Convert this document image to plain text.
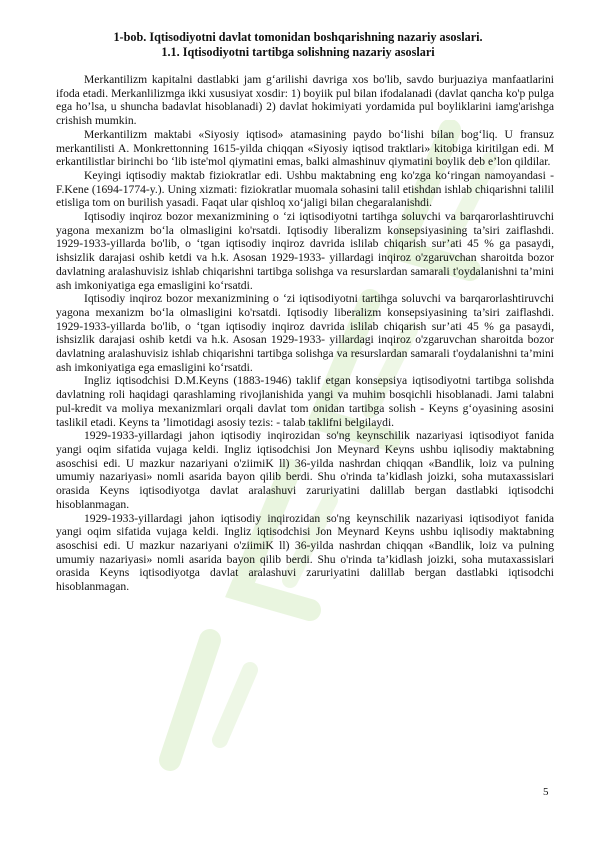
1-bob. Iqtisodiyotni davlat tomonidan boshqarishning nazariy asoslari.
1.1. Iqtisodiyotni tartibga solishning nazariy asoslari

Merkantilizm kapitalni dastlabki jam g‘arilishi davriga xos bo'lib, savdo burjuaziya manfaatlarini ifoda etadi. Merkanlilizmga ikki xususiyat xosdir: 1) boyiik pul bilan ifodalanadi (davlat qancha ko'p pulga ega ho’lsa, u shuncha badavlat hisoblanadi) 2) davlat hokimiyati yordamida pul boyliklarini iamg'arishga crishish mumkin.

Merkantilizm maktabi «Siyosiy iqtisod» atamasining paydo bo‘lishi bilan bog‘liq. U fransuz merkantilisti A. Monkrettonning 1615-yilda chiqqan «Siyosiy iqtisod traktlari» kitobiga kiritilgan edi. M erkantilistlar birinchi bo ‘lib iste'mol qiymatini emas, balki almashinuv qiymatini boylik deb e’lon qildilar.

Keyingi iqtisodiy maktab fiziokratlar edi. Ushbu maktabning eng ko'zga ko‘ringan namoyandasi - F.Kene (1694-1774-y.). Uning xizmati: fiziokratlar muomala sohasini talil etishdan ishlab chiqarishni talilil etisliga tom on burilish yasadi. Faqat ular qishloq xo‘jaligi bilan chegaralanishdi.

Iqtisodiy inqiroz bozor mexanizmining o ‘zi iqtisodiyotni tartihga soluvchi va barqarorlashtiruvchi yagona mexanizm bo‘la olmasligini ko'rsatdi. Iqtisodiy liberalizm konsepsiyasining ta’siri zaiflashdi. 1929-1933-yillarda bo'lib, o ‘tgan iqtisodiy inqiroz davrida islilab chiqarish sur’ati 45 % ga pasaydi, ishsizlik darajasi oshib ketdi va h.k. Asosan 1929-1933- yillardagi inqiroz o'zgaruvchan sharoitda bozor davlatning aralashuvisiz ishlab chiqarishni tartibga solishga va resurslardan samarali t'oydalanishni ta’mini ash imkoniyatiga ega emasligini ko‘rsatdi.

Iqtisodiy inqiroz bozor mexanizmining o ‘zi iqtisodiyotni tartihga soluvchi va barqarorlashtiruvchi yagona mexanizm bo‘la olmasligini ko'rsatdi. Iqtisodiy liberalizm konsepsiyasining ta’siri zaiflashdi. 1929-1933-yillarda bo'lib, o ‘tgan iqtisodiy inqiroz davrida islilab chiqarish sur’ati 45 % ga pasaydi, ishsizlik darajasi oshib ketdi va h.k. Asosan 1929-1933- yillardagi inqiroz o'zgaruvchan sharoitda bozor davlatning aralashuvisiz ishlab chiqarishni tartibga solishga va resurslardan samarali t'oydalanishni ta’mini ash imkoniyatiga ega emasligini ko‘rsatdi.

Ingliz iqtisodchisi D.M.Keyns (1883-1946) taklif etgan konsepsiya iqtisodiyotni tartibga solishda davlatning roli haqidagi qarashlaming rivojlanishida yangi va muhim bosqichli hisoblanadi. Jami talabni pul-kredit va moliya mexanizmlari orqali davlat tom onidan tartibga solish - Keyns g‘oyasining asosini taslikil etadi. Keyns ta ’limotidagi asosiy tezis: - talab taklifni belgilaydi.

1929-1933-yillardagi jahon iqtisodiy inqirozidan so'ng keynschilik nazariyasi iqtisodiyot fanida yangi oqim sifatida vujaga keldi. Ingliz iqtisodchisi Jon Meynard Keyns ushbu iqlisodiy maktabning asoschisi edi. U mazkur nazariyani o'ziimiK ll) 36-yilda nashrdan chiqqan «Bandlik, loiz va pulning umumiy nazariyasi» nomli asarida bayon qilib berdi. Shu o'rinda ta’kidlash joizki, soha mutaxassislari orasida Keyns iqtisodiyotga davlat aralashuvi zaruriyatini dalillab bergan dastlabki iqtisodchi hisoblanmagan.

1929-1933-yillardagi jahon iqtisodiy inqirozidan so'ng keynschilik nazariyasi iqtisodiyot fanida yangi oqim sifatida vujaga keldi. Ingliz iqtisodchisi Jon Meynard Keyns ushbu iqlisodiy maktabning asoschisi edi. U mazkur nazariyani o'ziimiK ll) 36-yilda nashrdan chiqqan «Bandlik, loiz va pulning umumiy nazariyasi» nomli asarida bayon qilib berdi. Shu o'rinda ta’kidlash joizki, soha mutaxassislari orasida Keyns iqtisodiyotga davlat aralashuvi zaruriyatini dalillab bergan dastlabki iqtisodchi hisoblanmagan.

5
